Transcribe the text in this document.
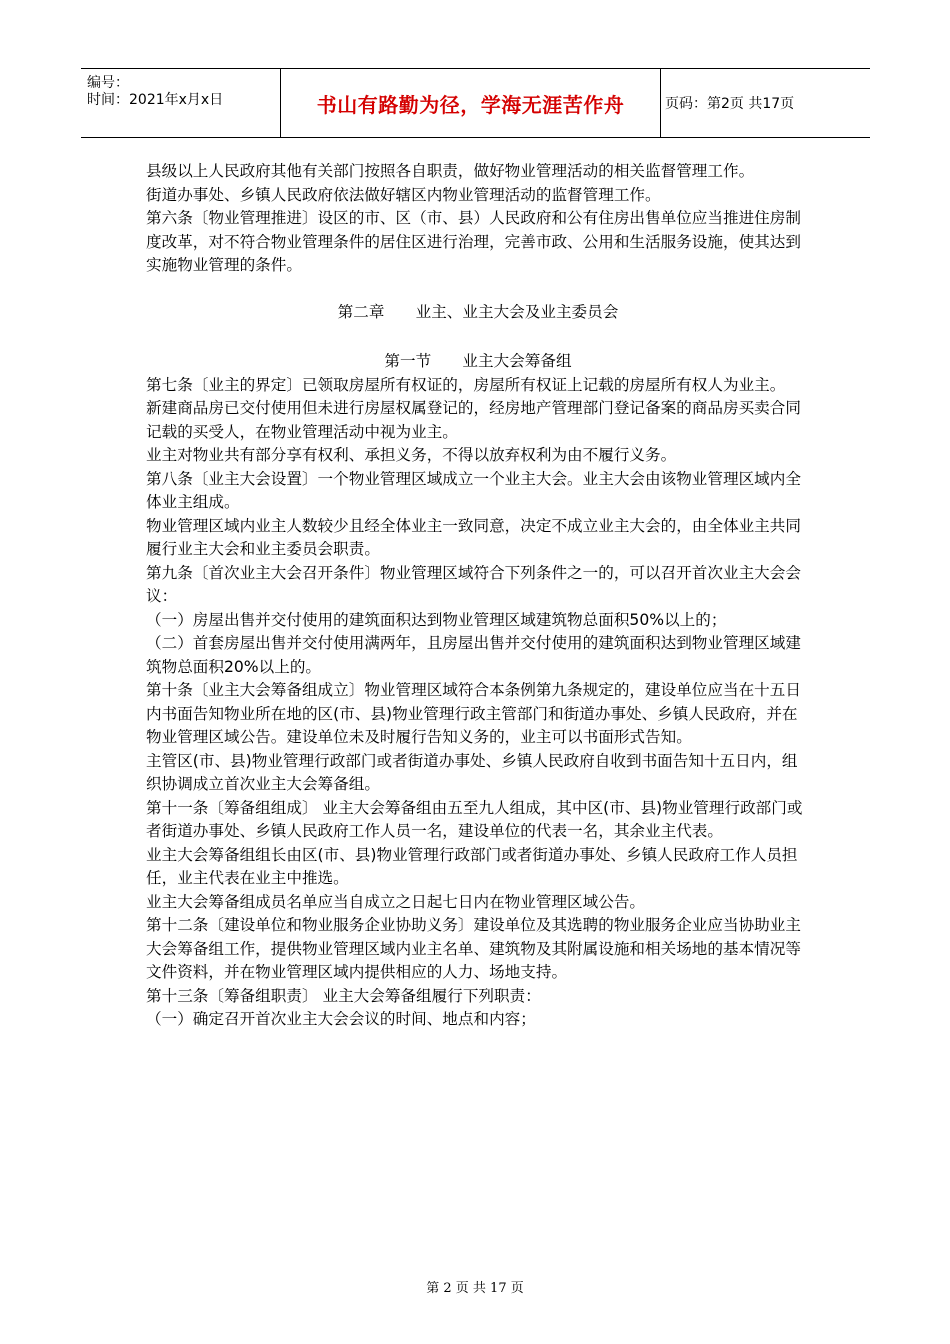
编号：
时间：2021年x月x日	书山有路勤为径，学海无涯苦作舟	页码：第2页 共17页

县级以上人民政府其他有关部门按照各自职责，做好物业管理活动的相关监督管理工作。

街道办事处、乡镇人民政府依法做好辖区内物业管理活动的监督管理工作。

第六条〔物业管理推进〕设区的市、区（市、县）人民政府和公有住房出售单位应当推进住房制度改革，对不符合物业管理条件的居住区进行治理，完善市政、公用和生活服务设施，使其达到实施物业管理的条件。

第二章　　业主、业主大会及业主委员会

第一节　　业主大会筹备组

第七条〔业主的界定〕已领取房屋所有权证的，房屋所有权证上记载的房屋所有权人为业主。

新建商品房已交付使用但未进行房屋权属登记的，经房地产管理部门登记备案的商品房买卖合同记载的买受人，在物业管理活动中视为业主。

业主对物业共有部分享有权利、承担义务，不得以放弃权利为由不履行义务。

第八条〔业主大会设置〕一个物业管理区域成立一个业主大会。业主大会由该物业管理区域内全体业主组成。

物业管理区域内业主人数较少且经全体业主一致同意，决定不成立业主大会的，由全体业主共同履行业主大会和业主委员会职责。

第九条〔首次业主大会召开条件〕物业管理区域符合下列条件之一的，可以召开首次业主大会会议：

（一）房屋出售并交付使用的建筑面积达到物业管理区域建筑物总面积50%以上的；

（二）首套房屋出售并交付使用满两年，且房屋出售并交付使用的建筑面积达到物业管理区域建筑物总面积20%以上的。

第十条〔业主大会筹备组成立〕物业管理区域符合本条例第九条规定的，建设单位应当在十五日内书面告知物业所在地的区(市、县)物业管理行政主管部门和街道办事处、乡镇人民政府，并在物业管理区域公告。建设单位未及时履行告知义务的，业主可以书面形式告知。

主管区(市、县)物业管理行政部门或者街道办事处、乡镇人民政府自收到书面告知十五日内，组织协调成立首次业主大会筹备组。

第十一条〔筹备组组成〕 业主大会筹备组由五至九人组成，其中区(市、县)物业管理行政部门或者街道办事处、乡镇人民政府工作人员一名，建设单位的代表一名，其余业主代表。

业主大会筹备组组长由区(市、县)物业管理行政部门或者街道办事处、乡镇人民政府工作人员担任，业主代表在业主中推选。

业主大会筹备组成员名单应当自成立之日起七日内在物业管理区域公告。

第十二条〔建设单位和物业服务企业协助义务〕建设单位及其选聘的物业服务企业应当协助业主大会筹备组工作，提供物业管理区域内业主名单、建筑物及其附属设施和相关场地的基本情况等文件资料，并在物业管理区域内提供相应的人力、场地支持。

第十三条〔筹备组职责〕 业主大会筹备组履行下列职责：

（一）确定召开首次业主大会会议的时间、地点和内容；

第 2 页 共 17 页
